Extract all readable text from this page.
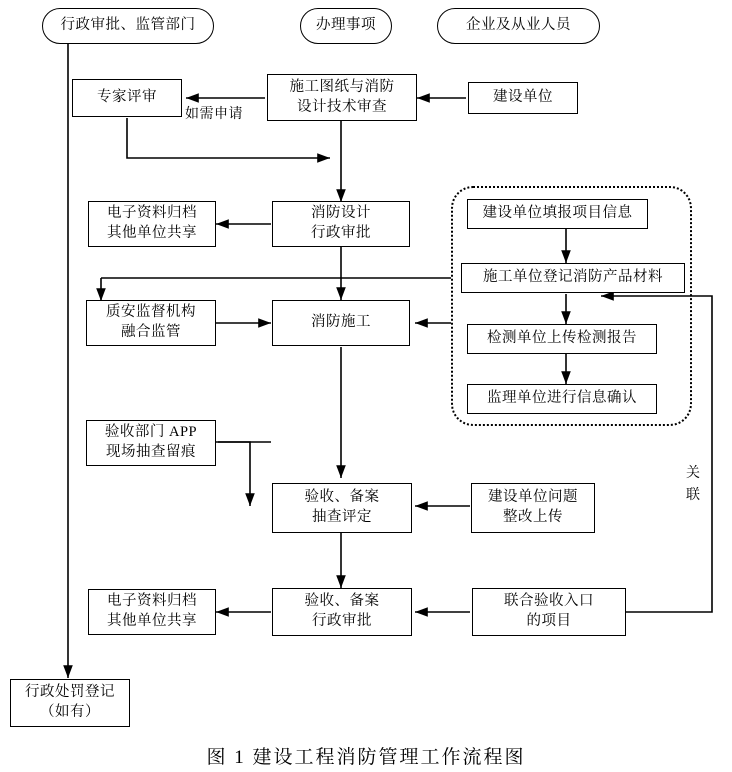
行政审批、监管部门	办理事项	企业及从业人员
专家评审
施工图纸与消防
设计技术审查
建设单位
电子资料归档
其他单位共享
消防设计
行政审批
质安监督机构
融合监管
消防施工
建设单位填报项目信息
施工单位登记消防产品材料
检测单位上传检测报告
监理单位进行信息确认
验收部门 APP
现场抽查留痕
验收、备案
抽查评定
建设单位问题
整改上传
电子资料归档
其他单位共享
验收、备案
行政审批
联合验收入口
的项目
行政处罚登记
（如有）
如需申请
关
联
图 1 建设工程消防管理工作流程图
